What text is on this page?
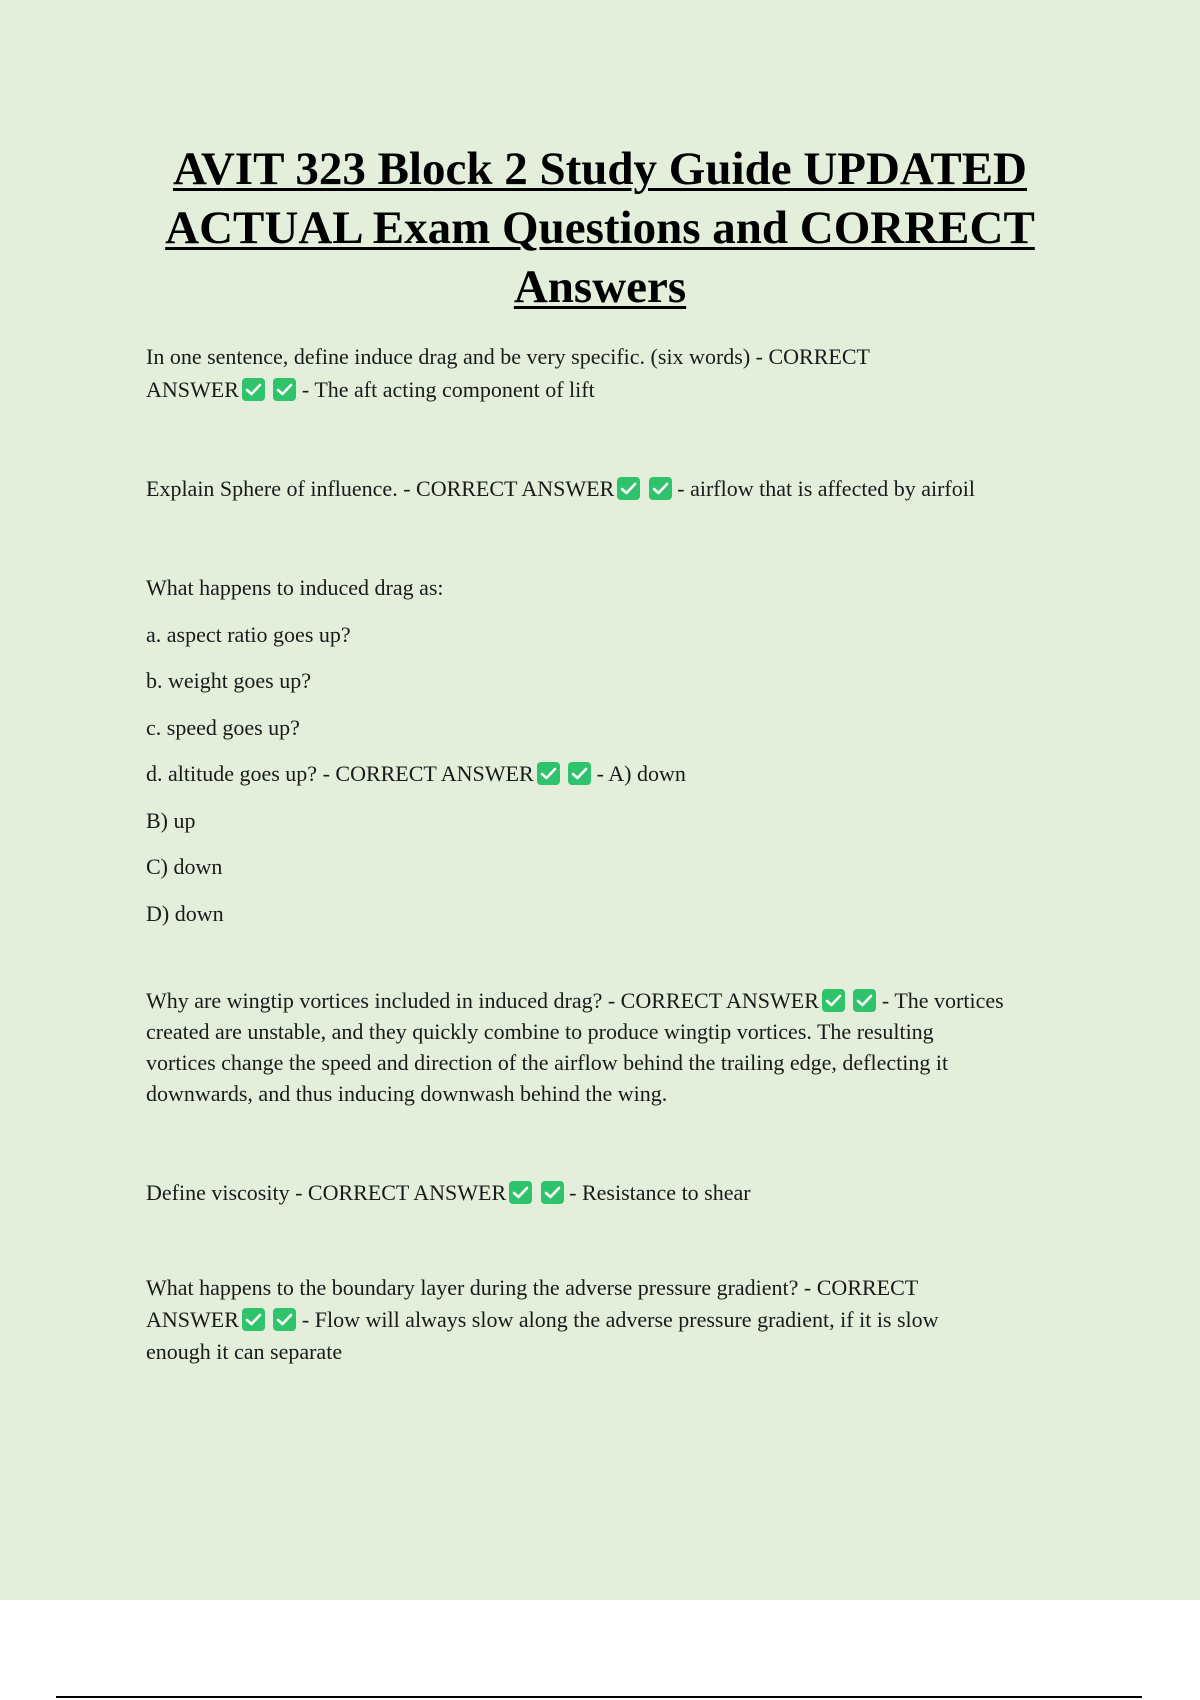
AVIT 323 Block 2 Study Guide UPDATED
ACTUAL Exam Questions and CORRECT
Answers
In one sentence, define induce drag and be very specific. (six words) - CORRECT
ANSWER
	- The aft acting component of lift
Explain Sphere of influence. - CORRECT ANSWER
	- airflow that is affected by airfoil
What happens to induced drag as:
a. aspect ratio goes up?
b. weight goes up?
c. speed goes up?
d. altitude goes up? - CORRECT ANSWER
	- A) down
B) up
C) down
D) down
Why are wingtip vortices included in induced drag? - CORRECT ANSWER
	- The vortices
created are unstable, and they quickly combine to produce wingtip vortices. The resulting
vortices change the speed and direction of the airflow behind the trailing edge, deflecting it
downwards, and thus inducing downwash behind the wing.
Define viscosity - CORRECT ANSWER
	- Resistance to shear
What happens to the boundary layer during the adverse pressure gradient? - CORRECT
ANSWER
	- Flow will always slow along the adverse pressure gradient, if it is slow
enough it can separate
